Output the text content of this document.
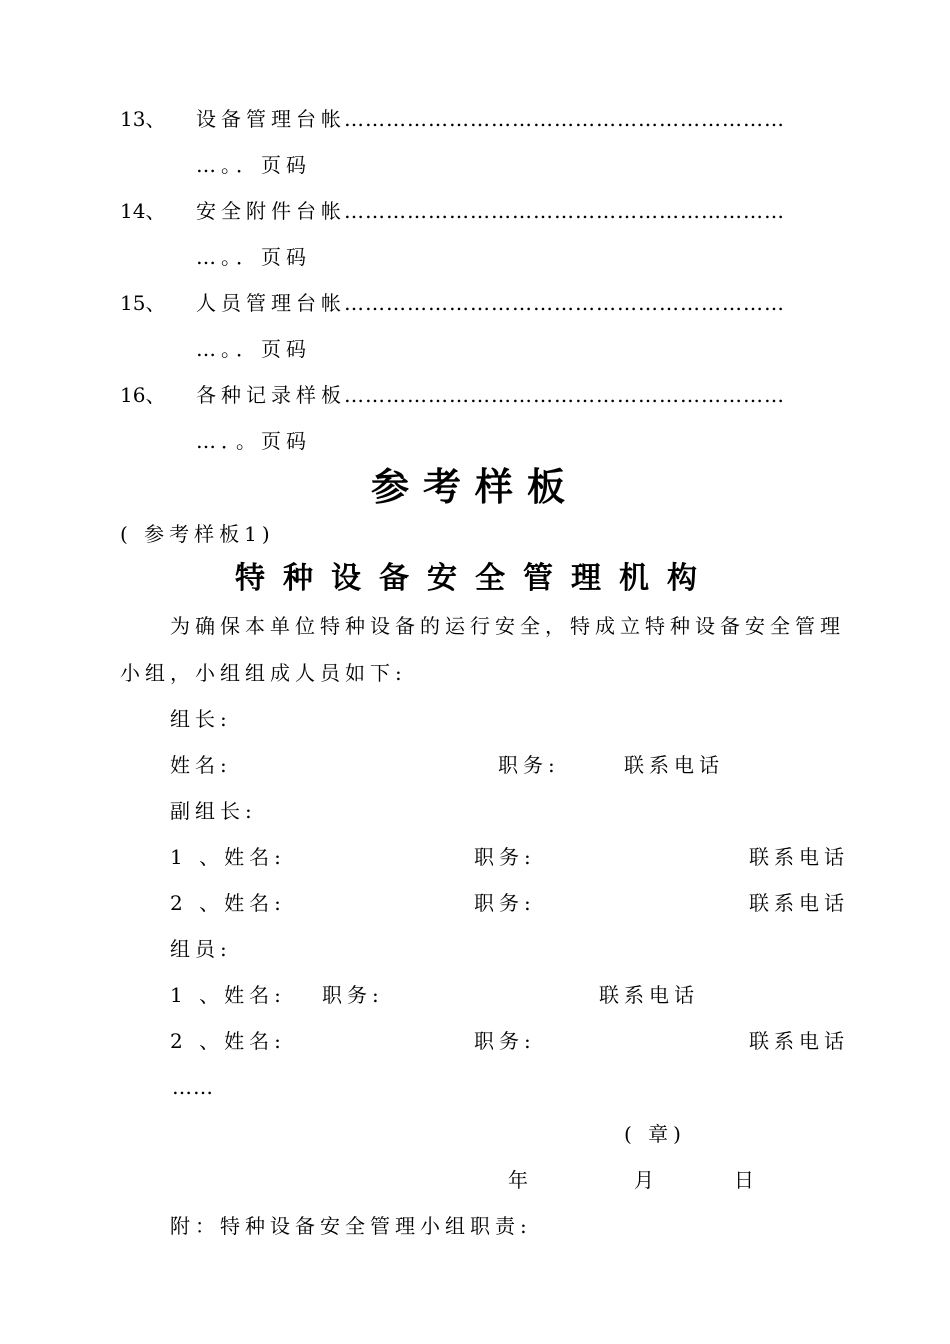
13、 设备管理台帐
………………………………………………………
…。．页码
14、 安全附件台帐
………………………………………………………
…。．页码
15、 人员管理台帐
………………………………………………………
…。．页码
16、 各种记录样板
………………………………………………………
…．。页码
参考样板
( 参考样板1)
特种设备安全管理机构
为确保本单位特种设备的运行安全，特成立特种设备安全管理
小组，小组组成人员如下:
组长:
姓名:	职务:	联系电话
副组长:
1 、姓名:	职务:	联系电话
2 、姓名:	职务:	联系电话
组员:
1 、姓名: 职务:	联系电话
2 、姓名:	职务:	联系电话
……
( 章)
年	月	日
附：特种设备安全管理小组职责:
